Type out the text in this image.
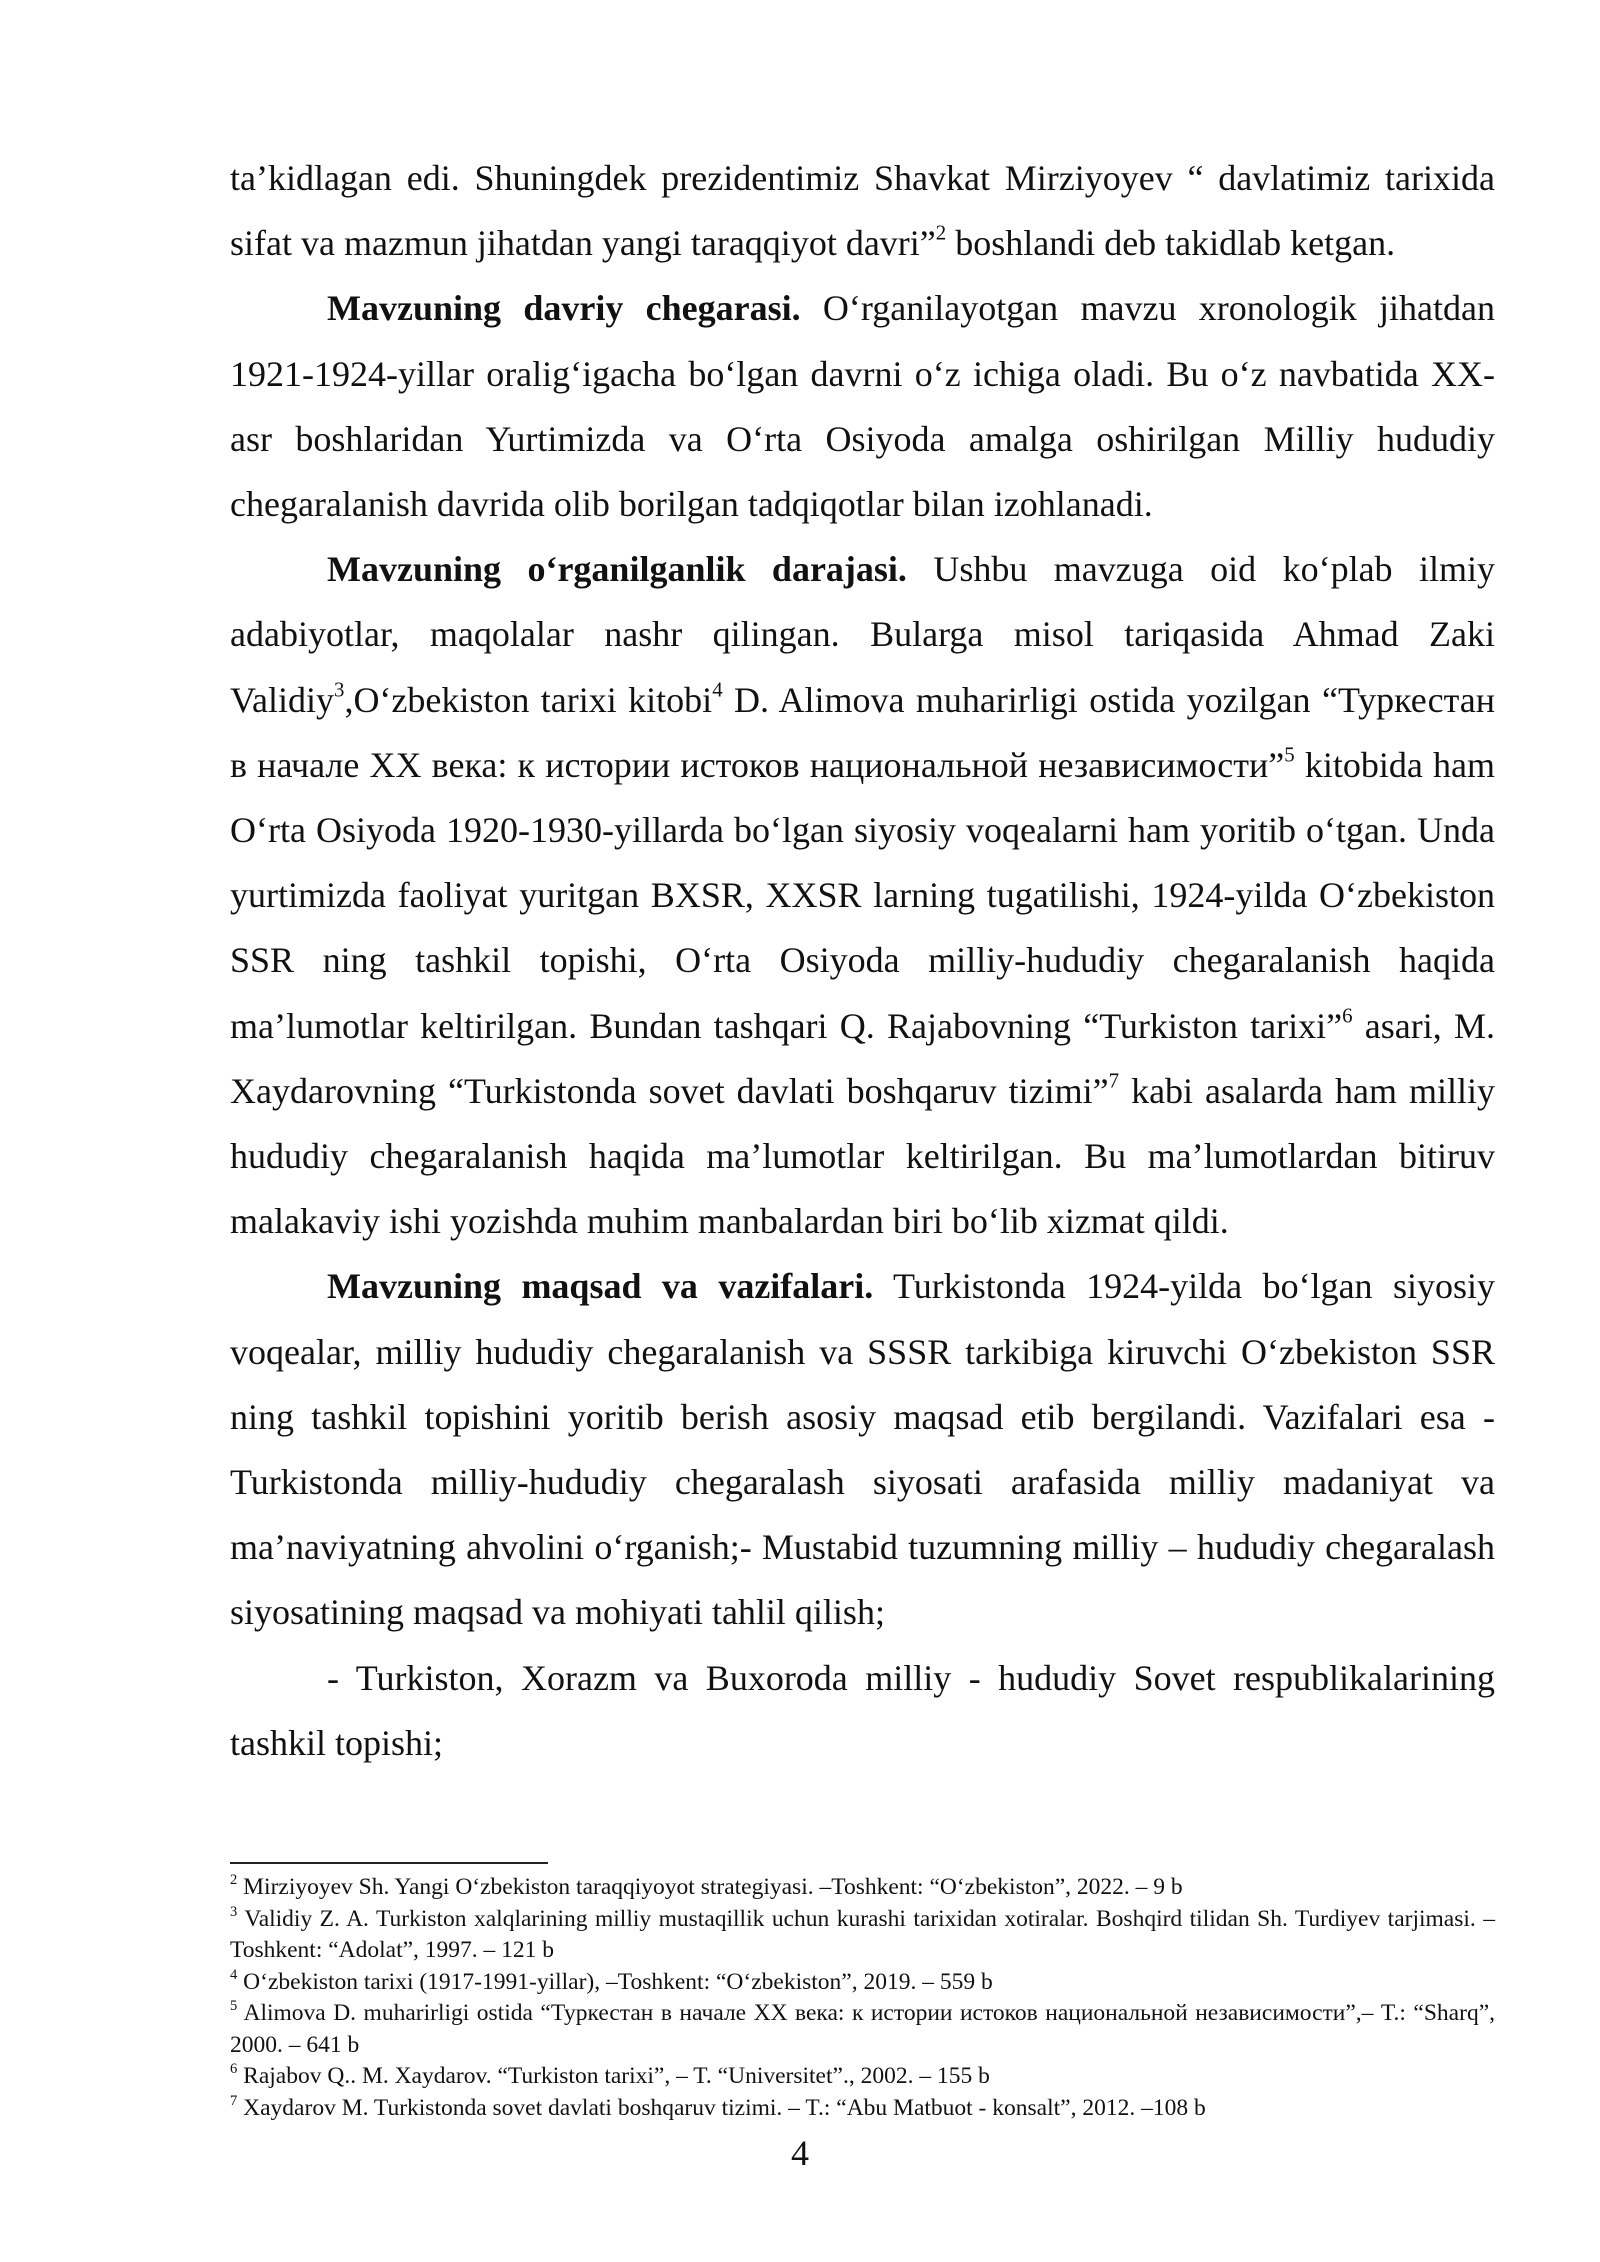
ta’kidlagan edi. Shuningdek prezidentimiz Shavkat Mirziyoyev “ davlatimiz tarixida sifat va mazmun jihatdan yangi taraqqiyot davri”$^2$ boshlandi deb takidlab ketgan.

Mavzuning davriy chegarasi. O‘rganilayotgan mavzu xronologik jihatdan 1921-1924-yillar oralig‘igacha bo‘lgan davrni o‘z ichiga oladi. Bu o‘z navbatida XX-asr boshlaridan Yurtimizda va O‘rta Osiyoda amalga oshirilgan Milliy hududiy chegaralanish davrida olib borilgan tadqiqotlar bilan izohlanadi.

Mavzuning o‘rganilganlik darajasi. Ushbu mavzuga oid ko‘plab ilmiy adabiyotlar, maqolalar nashr qilingan. Bularga misol tariqasida Ahmad Zaki Validiy$^3$,O‘zbekiston tarixi kitobi$^4$ D. Alimova muharirligi ostida yozilgan “Туркестан в начале XX века: к истории истоков национальной независимости”$^5$ kitobida ham O‘rta Osiyoda 1920-1930-yillarda bo‘lgan siyosiy voqealarni ham yoritib o‘tgan. Unda yurtimizda faoliyat yuritgan BXSR, XXSR larning tugatilishi, 1924-yilda O‘zbekiston SSR ning tashkil topishi, O‘rta Osiyoda milliy-hududiy chegaralanish haqida ma’lumotlar keltirilgan. Bundan tashqari Q. Rajabovning “Turkiston tarixi”$^6$ asari, M. Xaydarovning “Turkistonda sovet davlati boshqaruv tizimi”$^7$ kabi asalarda ham milliy hududiy chegaralanish haqida ma’lumotlar keltirilgan. Bu ma’lumotlardan bitiruv malakaviy ishi yozishda muhim manbalardan biri bo‘lib xizmat qildi.

Mavzuning maqsad va vazifalari. Turkistonda 1924-yilda bo‘lgan siyosiy voqealar, milliy hududiy chegaralanish va SSSR tarkibiga kiruvchi O‘zbekiston SSR ning tashkil topishini yoritib berish asosiy maqsad etib bergilandi. Vazifalari esa - Turkistonda milliy-hududiy chegaralash siyosati arafasida milliy madaniyat va ma’naviyatning ahvolini o‘rganish;- Mustabid tuzumning milliy – hududiy chegaralash siyosatining maqsad va mohiyati tahlil qilish;

- Turkiston, Xorazm va Buxoroda milliy - hududiy Sovet respublikalarining tashkil topishi;

$^2$ Mirziyoyev Sh. Yangi O‘zbekiston taraqqiyoyot strategiyasi. –Toshkent: “O‘zbekiston”, 2022. – 9 b

$^3$ Validiy Z. A. Turkiston xalqlarining milliy mustaqillik uchun kurashi tarixidan xotiralar. Boshqird tilidan Sh. Turdiyev tarjimasi. –Toshkent: “Adolat”, 1997. – 121 b

$^4$ O‘zbekiston tarixi (1917-1991-yillar), –Toshkent: “O‘zbekiston”, 2019. – 559 b

$^5$ Alimova D. muharirligi ostida “Туркестан в начале XX века: к истории истоков национальной независимости”,– T.: “Sharq”, 2000. – 641 b

$^6$ Rajabov Q.. M. Xaydarov. “Turkiston tarixi”, – T. “Universitet”., 2002. – 155 b

$^7$ Xaydarov M. Turkistonda sovet davlati boshqaruv tizimi. – T.: “Abu Matbuot - konsalt”, 2012. –108 b

4
